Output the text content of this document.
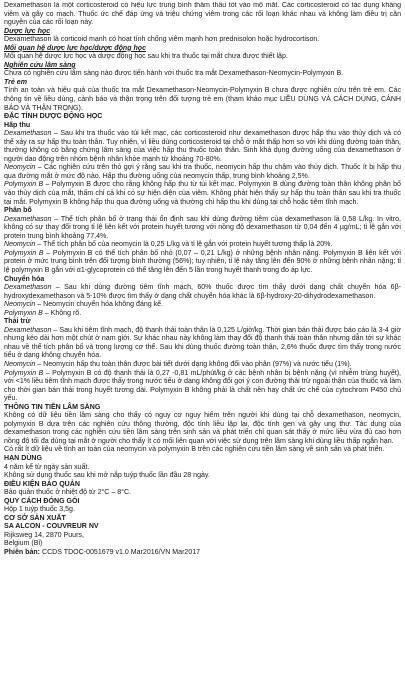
Dexamethason là một corticosteroid có hiệu lực trung bình thẩm thấu tốt vào mô mắt. Các corticosteroid có tác dụng kháng viêm và gây co mạch. Thuốc ức chế đáp ứng và triệu chứng viêm trong các rối loạn khác nhau và không làm điều trị căn nguyên của các rối loạn này.

Dược lực học

Dexamethason là corticoid mạnh có hoạt tính chống viêm mạnh hơn prednisolon hoặc hydrocortison.

Mối quan hệ dược lực học/dược động học

Mối quan hệ dược lực học và dược động học sau khi tra thuốc tại mắt chưa được thiết lập.

Nghiên cứu lâm sàng

Chưa có nghiên cứu lâm sàng nào được tiến hành với thuốc tra mắt Dexamethason-Neomycin-Polymyxin B.

Trẻ em

Tính an toàn và hiệu quả của thuốc tra mắt Dexamethason-Neomycin-Polymyxin B chưa được nghiên cứu trên trẻ em. Các thông tin về liều dùng, cảnh báo và thận trọng trên đối tượng trẻ em (tham khảo mục LIỀU DÙNG VÀ CÁCH DÙNG, CẢNH BÁO VÀ THẬN TRỌNG).

ĐẶC TÍNH DƯỢC ĐỘNG HỌC

Hấp thu

Dexamethason – Sau khi tra thuốc vào túi kết mạc, các corticosteroid như dexamethason được hấp thu vào thủy dịch và có thể xảy ra sự hấp thu toàn thân. Tuy nhiên, vì liều dùng corticosteroid tại chỗ ở mắt thấp hơn so với khi dùng đường toàn thân, thường không có bằng chứng lâm sàng của việc hấp thu thuốc toàn thân. Sinh khả dụng đường uống của dexamethason ở người dao động trên nhóm bệnh nhân khỏe mạnh từ khoảng 70-80%.

Neomycin – Các nghiên cứu trên thỏ gợi ý rằng sau khi tra thuốc, neomycin hấp thu chậm vào thủy dịch. Thuốc ít bị hấp thu qua đường mắt ở mức độ nào. Hấp thu đường uống của neomycin thấp, trung bình khoảng 2,5%.

Polymyxin B – Polymyxin B được cho rằng không hấp thu từ túi kết mạc. Polymyxin B dùng đường toàn thân không phân bố vào thủy dịch của mắt, thấm chỉ cả khi có sự hiện diện của viêm. Không phát hiện thấy sự hấp thu toàn thân sau khi tra thuốc tại mắt. Polymyxin B không hấp thu qua đường uống và thường chỉ hấp thu khi dùng tại chỗ hoặc tiêm tĩnh mạch.

Phân bố

Dexamethason – Thể tích phân bố ở trạng thái ổn định sau khi dùng đường tiêm của dexamethason là 0,58 L/kg. In vitro, không có sự thay đổi trong tỉ lệ liên kết với protein huyết tương với nồng độ dexamethason từ 0,04 đến 4 µg/mL; tỉ lệ gắn với protein trung bình khoảng 77,4%.

Neomycin – Thể tích phân bố của neomycin là 0,25 L/kg và tỉ lệ gắn với protein huyết tương thấp là 20%.

Polymyxin B – Polymyxin B có thể tích phân bố nhỏ (0,07 – 0,21 L/kg) ở những bệnh nhân nặng. Polymyxin B liên kết với protein ở mức trung bình trên đối tượng bình thường (56%); tuy nhiên, tỉ lệ này tăng lên đến 90% ở những bệnh nhân nặng; tỉ lệ polymyxin B gắn với α1-glycoprotein có thể tăng lên đến 5 lần trong huyết thanh trong đo áp lực.

Chuyển hóa

Dexamethason – Sau khi dùng đường tiêm tĩnh mạch, 60% thuốc được tìm thấy dưới dạng chất chuyển hóa 6β- hydroxydexamethason và 5-10% được tìm thấy ở dạng chất chuyển hóa khác là 6β-hydroxy-20-dihydrodexamethason.

Neomycin – Neomycin chuyển hóa không đáng kể.

Polymyxin B – Không rõ.

Thải trừ

Dexamethason – Sau khi tiêm tĩnh mạch, độ thanh thải toàn thân là 0,125 L/giờ/kg. Thời gian bán thải được báo cáo là 3-4 giờ nhưng kéo dài hơn một chút ở nam giới. Sự khác nhau này không làm thay đổi độ thanh thải toàn thân nhưng dẫn tới sự khác nhau về thể tích phân bố và trọng lượng cơ thể. Sau khi dùng thuốc đường toàn thân, 2,6% thuốc được tìm thấy trong nước tiểu ở dạng không chuyển hóa.

Neomycin – Neomycin hấp thu toàn thân được bài tiết dưới dạng không đổi vào phân (97%) và nước tiểu (1%).

Polymyxin B – Polymyxin B có độ thanh thải là 0,27 -0,81 mL/phút/kg ở các bệnh nhân bị bệnh nặng (vì nhiễm trùng huyết), với <1% liều tiêm tĩnh mạch được thấy trong nước tiểu ở dạng không đổi gợi ý con đường thải trừ ngoài thận của thuốc và làm cho thời gian bán thải trong huyết tương dài. Polymyxin B không phải là chất nền hay chất ức chế của cytochrom P450 chủ yếu.

THÔNG TIN TIỀN LÂM SÀNG

Không có dữ liệu tiền lâm sàng cho thấy có nguy cơ nguy hiểm trên người khi dùng tại chỗ dexamethason, neomycin, polymyxin B dựa trên các nghiên cứu thông thường, độc tính liều lặp lại, độc tính gen và gây ung thư. Tác dụng của dexamethason trong các nghiên cứu tiền lâm sàng trên sinh sản và phát triển chỉ quan sát thấy ở mức liều vừa đủ cao hơn nồng độ tối đa dùng tại mắt ở người cho thấy ít có mối liên quan với việc sử dụng trên lâm sàng khi dùng liều thấp ngắn hạn.

Có rất ít dữ liệu về tính an toàn của neomycin và polymyxin B trên các nghiên cứu tiền lâm sàng về sinh sản và phát triển.

HẠN DÙNG

4 năm kể từ ngày sản xuất.

Không sử dụng thuốc sau khi mở nắp tuýp thuốc lần đầu 28 ngày.

ĐIỀU KIỆN BẢO QUẢN

Bảo quản thuốc ở nhiệt độ từ 2°C – 8°C.

QUY CÁCH ĐÓNG GÓI

Hộp 1 tuýp thuốc 3,5g.

CƠ SỞ SẢN XUẤT

SA ALCON - COUVREUR NV

Rijksweg 14, 2870 Puurs,

Belgium (Bỉ)

Phiên bản: CCDS TDOC-0051679 v1.0 Mar2016/VN Mar2017
